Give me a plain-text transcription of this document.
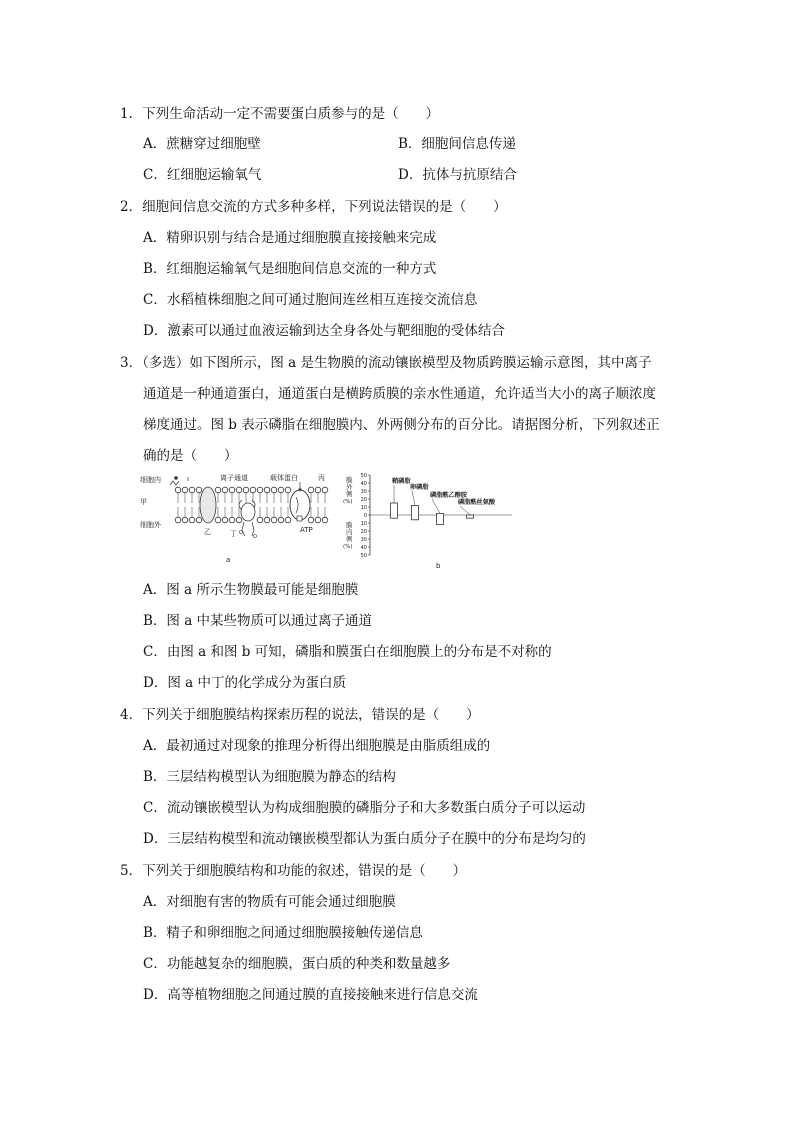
1．下列生命活动一定不需要蛋白质参与的是（　　）
A．蔗糖穿过细胞壁	B．细胞间信息传递
C．红细胞运输氧气	D．抗体与抗原结合
2．细胞间信息交流的方式多种多样，下列说法错误的是（　　）
A．精卵识别与结合是通过细胞膜直接接触来完成
B．红细胞运输氧气是细胞间信息交流的一种方式
C．水稻植株细胞之间可通过胞间连丝相互连接交流信息
D．激素可以通过血液运输到达全身各处与靶细胞的受体结合
3．（多选）如下图所示，图 a 是生物膜的流动镶嵌模型及物质跨膜运输示意图，其中离子
通道是一种通道蛋白，通道蛋白是横跨质膜的亲水性通道，允许适当大小的离子顺浓度
梯度通过。图 b 表示磷脂在细胞膜内、外两侧分布的百分比。请据图分析，下列叙述正
确的是（　　）
细胞内
甲
细胞外
乙
离子通道	载体蛋白	丙
丁	ATP
a
膜
外
侧
(%)
膜
内
侧
(%)
b
50
40
30
20
10
0
10
20
30
40
50
鞘磷脂
卵磷脂
磷脂酰乙醇胺
磷脂酰丝氨酸
A．图 a 所示生物膜最可能是细胞膜
B．图 a 中某些物质可以通过离子通道
C．由图 a 和图 b 可知，磷脂和膜蛋白在细胞膜上的分布是不对称的
D．图 a 中丁的化学成分为蛋白质
4．下列关于细胞膜结构探索历程的说法，错误的是（　　）
A．最初通过对现象的推理分析得出细胞膜是由脂质组成的
B．三层结构模型认为细胞膜为静态的结构
C．流动镶嵌模型认为构成细胞膜的磷脂分子和大多数蛋白质分子可以运动
D．三层结构模型和流动镶嵌模型都认为蛋白质分子在膜中的分布是均匀的
5．下列关于细胞膜结构和功能的叙述，错误的是（　　）
A．对细胞有害的物质有可能会通过细胞膜
B．精子和卵细胞之间通过细胞膜接触传递信息
C．功能越复杂的细胞膜，蛋白质的种类和数量越多
D．高等植物细胞之间通过膜的直接接触来进行信息交流
